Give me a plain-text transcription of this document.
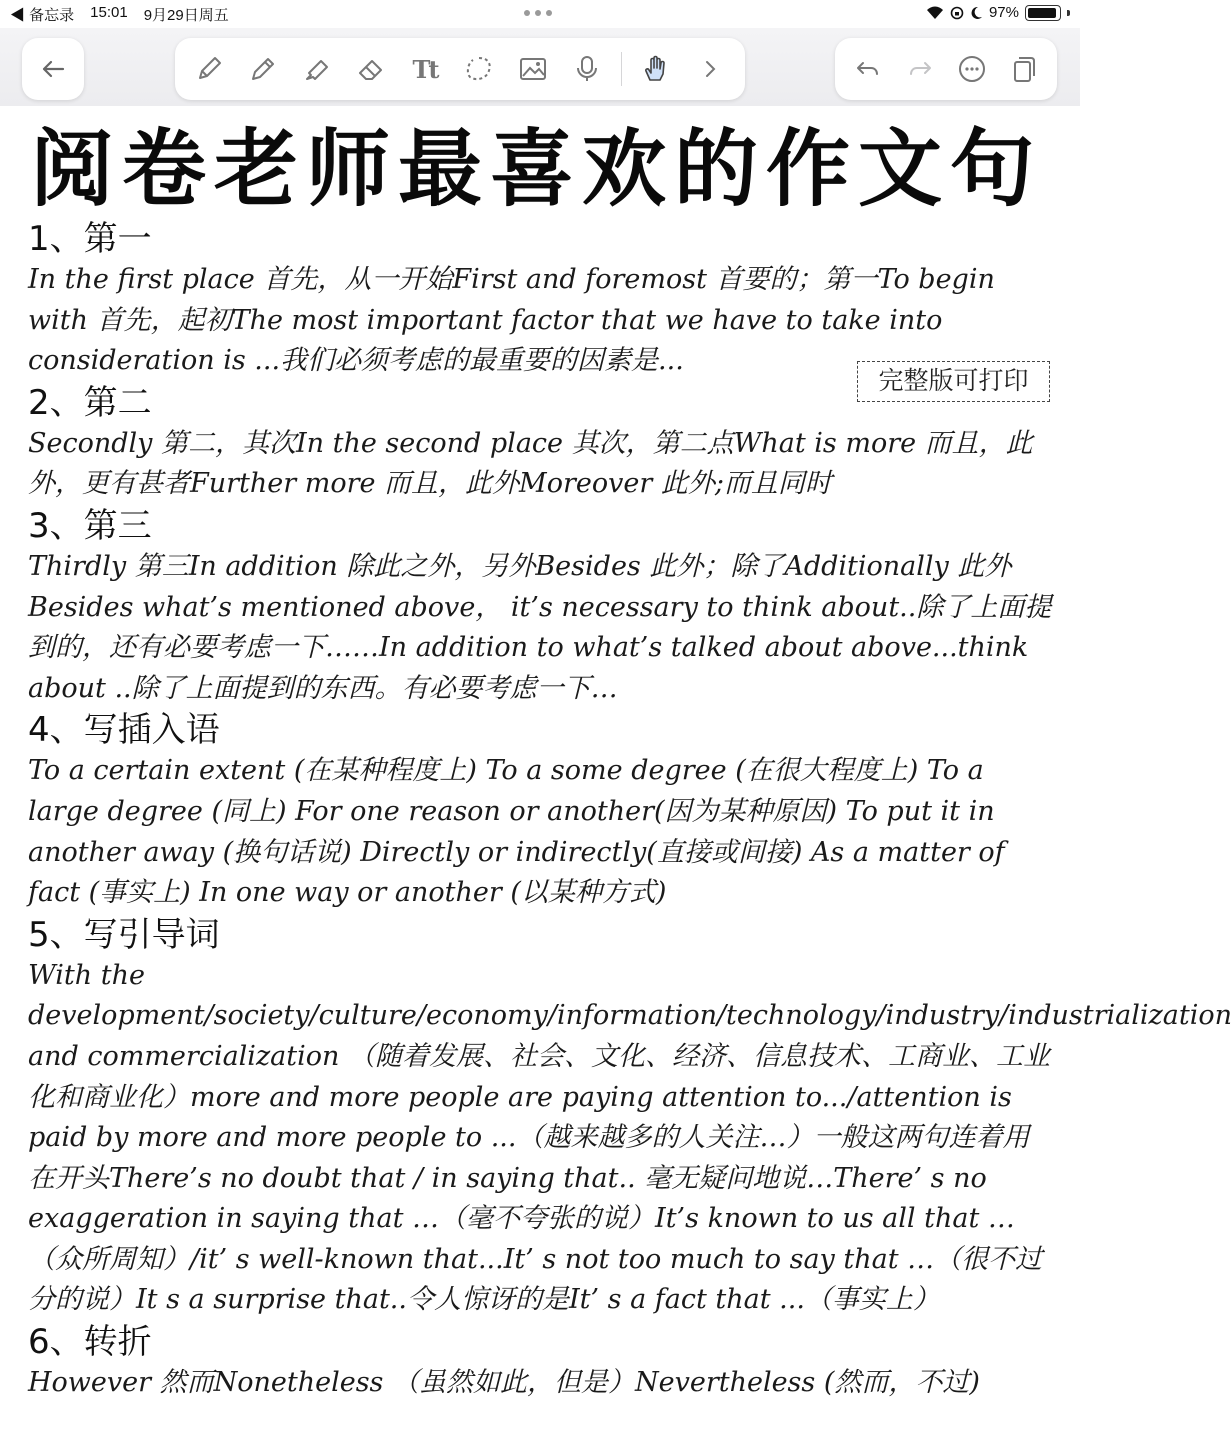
◀ 备忘录 15:01 9月29日周五	97%
Tt
阅卷老师最喜欢的作文句
1、第一

In the first place 首先，从一开始First and foremost 首要的；第一To begin with 首先，起初The most important factor that we have to take into consideration is ...我们必须考虑的最重要的因素是...

2、第二

Secondly 第二，其次In the second place 其次，第二点What is more 而且，此外，更有甚者Further more 而且，此外Moreover 此外;而且同时

3、第三

Thirdly 第三In addition 除此之外，另外Besides 此外；除了Additionally 此外Besides what’s mentioned above， it’s necessary to think about..除了上面提到的，还有必要考虑一下……In addition to what’s talked about above...think about ..除了上面提到的东西。有必要考虑一下…

4、写插入语

To a certain extent (在某种程度上) To a some degree (在很大程度上) To a large degree (同上) For one reason or another(因为某种原因) To put it in another away (换句话说) Directly or indirectly(直接或间接) As a matter of fact (事实上) In one way or another (以某种方式)

5、写引导词

With the development/society/culture/economy/information/technology/industry/industrialization and commercialization （随着发展、社会、文化、经济、信息技术、工商业、工业化和商业化）more and more people are paying attention to.../attention is paid by more and more people to ...（越来越多的人关注…）一般这两句连着用在开头There’s no doubt that / in saying that.. 毫无疑问地说…There’ s no exaggeration in saying that …（毫不夸张的说）It’s known to us all that …（众所周知）/it’ s well-known that...It’ s not too much to say that …（很不过分的说）It s a surprise that..令人惊讶的是It’ s a fact that ...（事实上）

6、转折

However 然而Nonetheless （虽然如此，但是）Nevertheless (然而，不过)

完整版可打印
